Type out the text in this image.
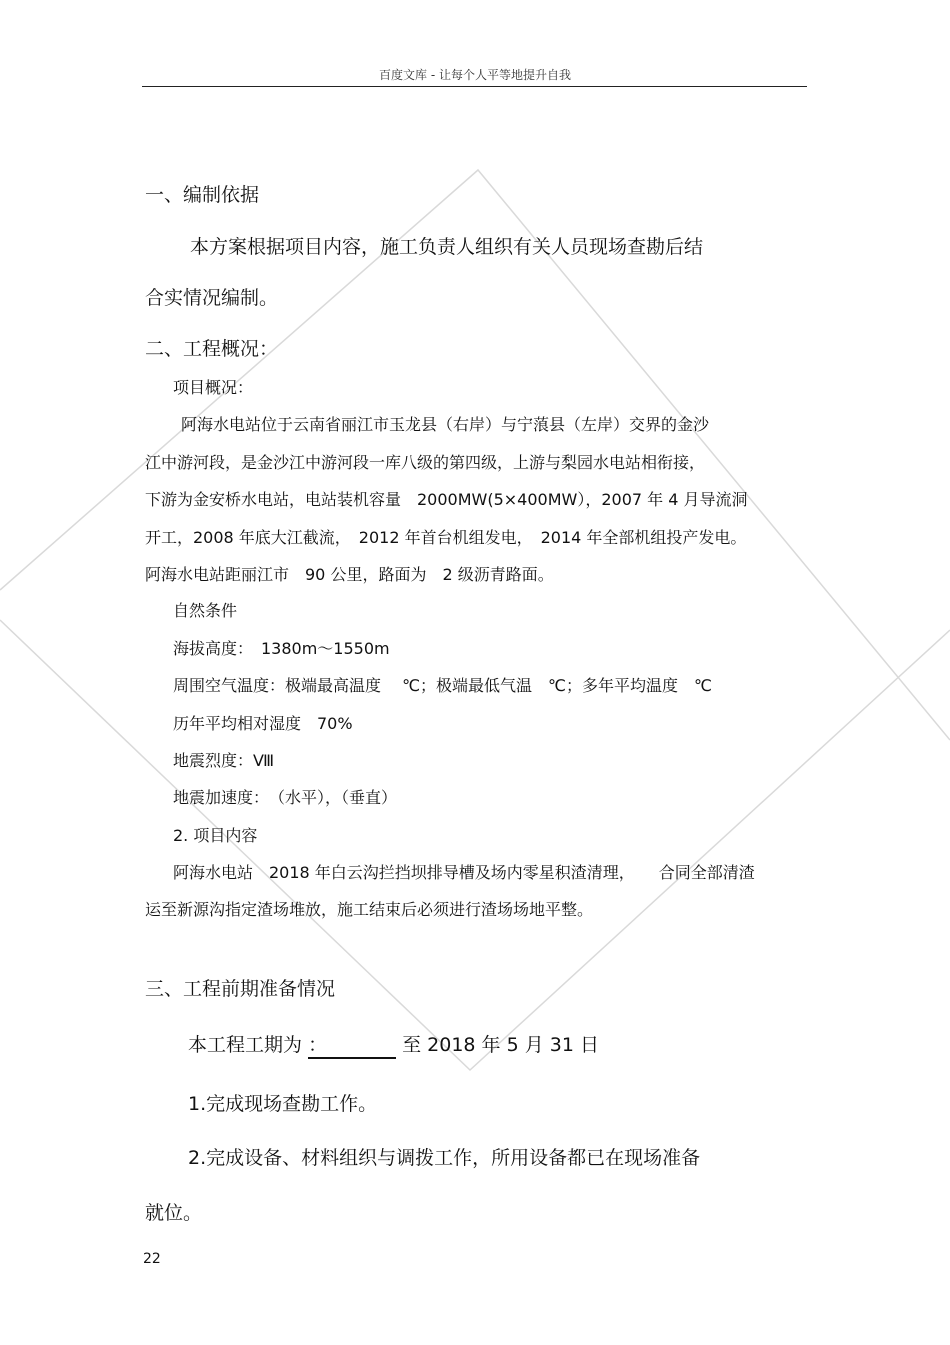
百度文库 - 让每个人平等地提升自我
一、编制依据
本方案根据项目内容，施工负责人组织有关人员现场查勘后结
合实情况编制。
二、工程概况：
项目概况：
阿海水电站位于云南省丽江市玉龙县（右岸）与宁蒗县（左岸）交界的金沙
江中游河段，是金沙江中游河段一库八级的第四级，上游与梨园水电站相衔接，
下游为金安桥水电站，电站装机容量　2000MW(5×400MW），2007 年 4 月导流洞
开工，2008 年底大江截流，　2012 年首台机组发电，　2014 年全部机组投产发电。
阿海水电站距丽江市　90 公里，路面为　2 级沥青路面。
自然条件
海拔高度：　1380m～1550m
周围空气温度：极端最高温度　 ℃；极端最低气温　℃；多年平均温度　℃
历年平均相对湿度　70%
地震烈度：Ⅷ
地震加速度：　（水平），（垂直）
2. 项目内容
阿海水电站　2018 年白云沟拦挡坝排导槽及场内零星积渣清理，　　合同全部清渣
运至新源沟指定渣场堆放，施工结束后必须进行渣场场地平整。
三、工程前期准备情况
本工程工期为 ：	至 2018 年 5 月 31 日
1.完成现场查勘工作。
2.完成设备、材料组织与调拨工作，所用设备都已在现场准备
就位。
22
